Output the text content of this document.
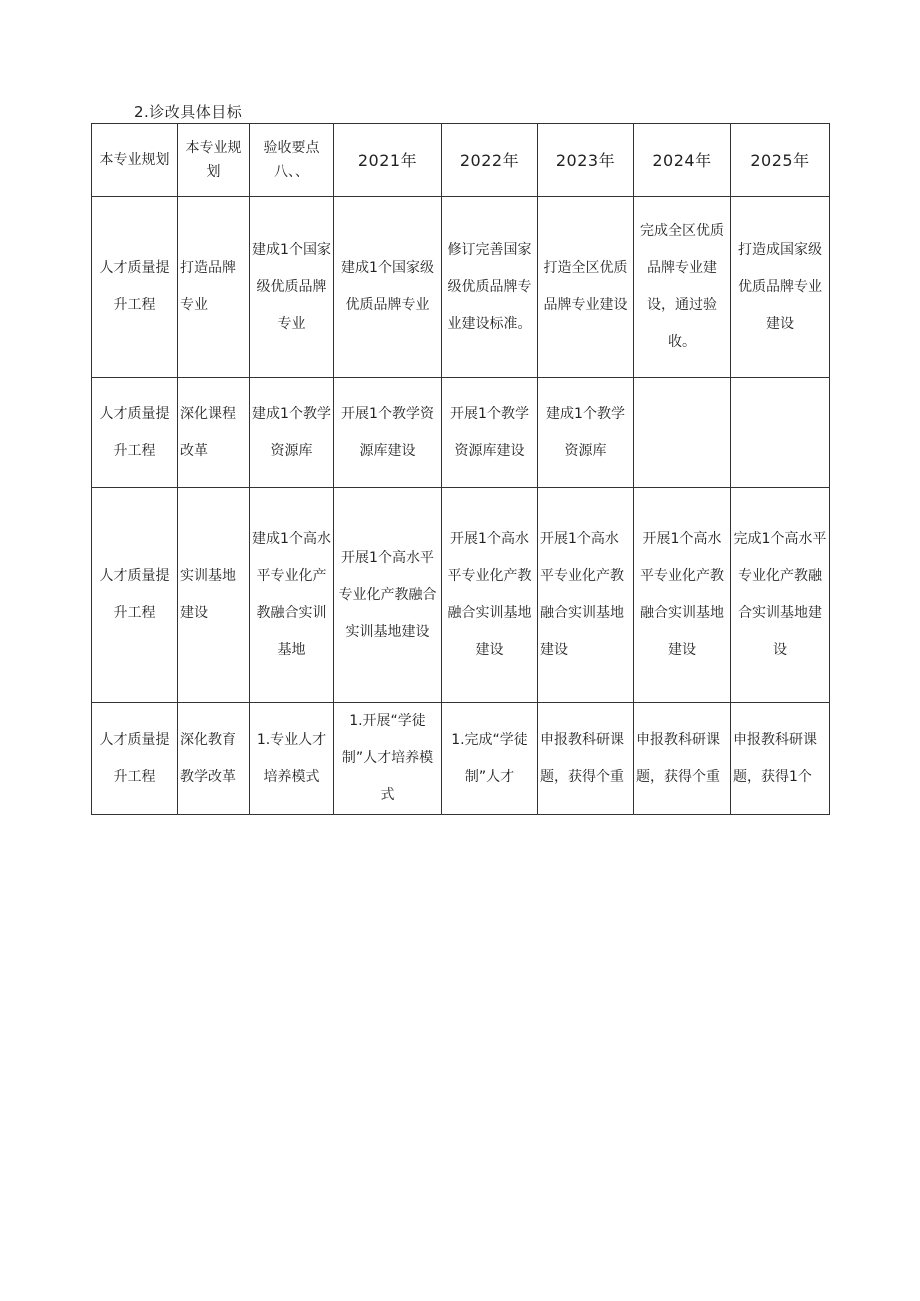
2.诊改具体目标
本专业规划	本专业规划	验收要点八、、	2021年	2022年	2023年	2024年	2025年
人才质量提升工程	打造品牌专业	建成1个国家级优质品牌专业	建成1个国家级优质品牌专业	修订完善国家级优质品牌专业建设标准。	打造全区优质品牌专业建设	完成全区优质品牌专业建设，通过验收。	打造成国家级优质品牌专业建设
人才质量提升工程	深化课程改革	建成1个教学资源库	开展1个教学资源库建设	开展1个教学资源库建设	建成1个教学资源库		
人才质量提升工程	实训基地建设	建成1个高水平专业化产教融合实训基地	开展1个高水平专业化产教融合实训基地建设	开展1个高水平专业化产教融合实训基地建设	开展1个高水平专业化产教融合实训基地建设	开展1个高水平专业化产教融合实训基地建设	完成1个高水平专业化产教融合实训基地建设
人才质量提升工程	深化教育教学改革	1.专业人才培养模式	1.开展“学徒制”人才培养模式	1.完成“学徒制”人才	申报教科研课题，获得个重	申报教科研课题，获得个重	申报教科研课题，获得1个
